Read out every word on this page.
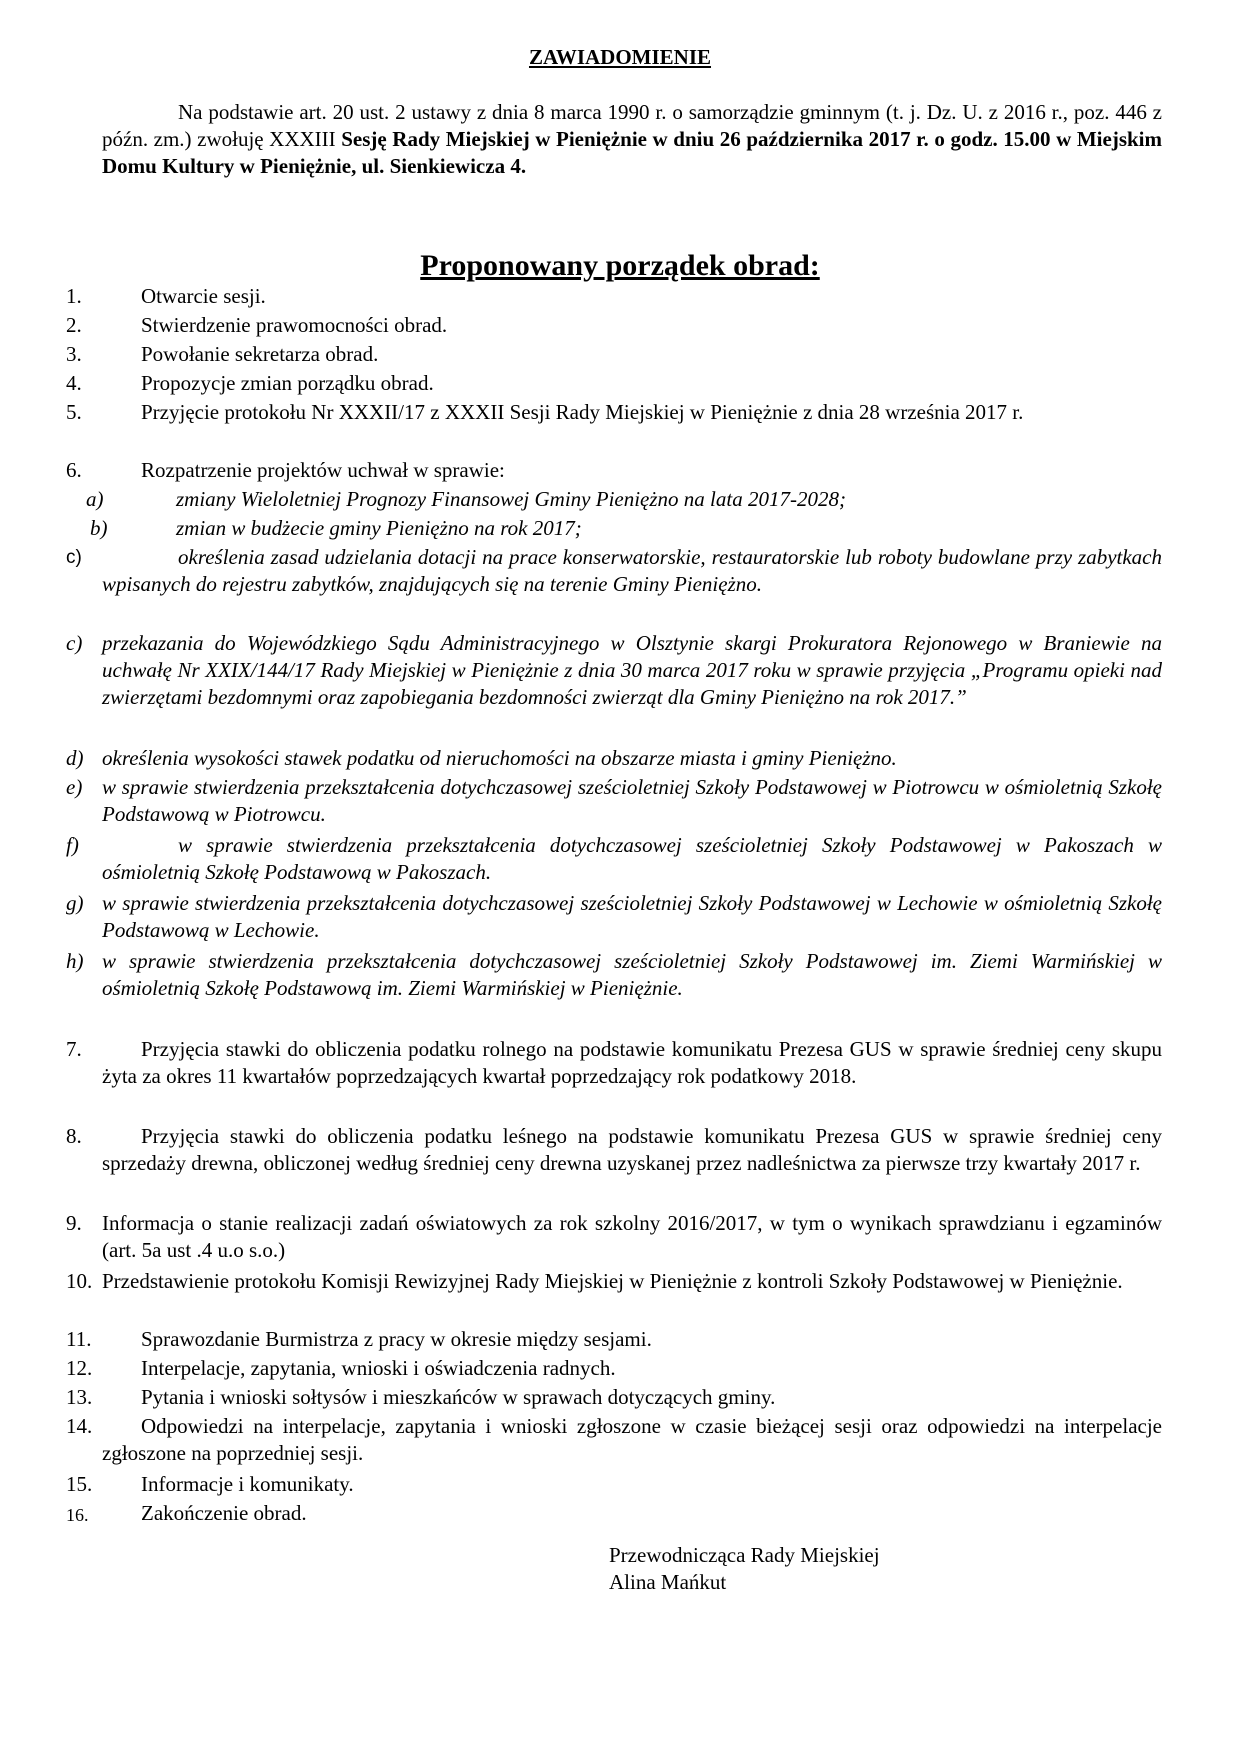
ZAWIADOMIENIE
Na podstawie art. 20 ust. 2 ustawy z dnia 8 marca 1990 r. o samorządzie gminnym (t. j. Dz. U. z 2016 r., poz. 446 z późn. zm.) zwołuję XXXIII Sesję Rady Miejskiej w Pieniężnie w dniu 26 października 2017 r. o godz. 15.00 w Miejskim Domu Kultury w Pieniężnie, ul. Sienkiewicza 4.
Proponowany porządek obrad:
1.	Otwarcie sesji.
2.	Stwierdzenie prawomocności obrad.
3.	Powołanie sekretarza obrad.
4.	Propozycje zmian porządku obrad.
5.	Przyjęcie protokołu Nr XXXII/17 z XXXII Sesji Rady Miejskiej w Pieniężnie z dnia 28 września 2017 r.
6.	Rozpatrzenie projektów uchwał w sprawie:
a)	zmiany Wieloletniej Prognozy Finansowej Gminy Pieniężno na lata 2017-2028;
b)	zmian w budżecie gminy Pieniężno na rok 2017;
c)	określenia zasad udzielania dotacji na prace konserwatorskie, restauratorskie lub roboty budowlane przy zabytkach wpisanych do rejestru zabytków, znajdujących się na terenie Gminy Pieniężno.
c) przekazania do Wojewódzkiego Sądu Administracyjnego w Olsztynie skargi Prokuratora Rejonowego w Braniewie na uchwałę Nr XXIX/144/17 Rady Miejskiej w Pieniężnie z dnia 30 marca 2017 roku w sprawie przyjęcia „Programu opieki nad zwierzętami bezdomnymi oraz zapobiegania bezdomności zwierząt dla Gminy Pieniężno na rok 2017.”
d) określenia wysokości stawek podatku od nieruchomości na obszarze miasta i gminy Pieniężno.
e) w sprawie stwierdzenia przekształcenia dotychczasowej sześcioletniej Szkoły Podstawowej w Piotrowcu w ośmioletnią Szkołę Podstawową w Piotrowcu.
f)	w sprawie stwierdzenia przekształcenia dotychczasowej sześcioletniej Szkoły Podstawowej w Pakoszach w ośmioletnią Szkołę Podstawową w Pakoszach.
g) w sprawie stwierdzenia przekształcenia dotychczasowej sześcioletniej Szkoły Podstawowej w Lechowie w ośmioletnią Szkołę Podstawową w Lechowie.
h) w sprawie stwierdzenia przekształcenia dotychczasowej sześcioletniej Szkoły Podstawowej im. Ziemi Warmińskiej w ośmioletnią Szkołę Podstawową im. Ziemi Warmińskiej w Pieniężnie.
7.	Przyjęcia stawki do obliczenia podatku rolnego na podstawie komunikatu Prezesa GUS w sprawie średniej ceny skupu żyta za okres 11 kwartałów poprzedzających kwartał poprzedzający rok podatkowy 2018.
8.	Przyjęcia stawki do obliczenia podatku leśnego na podstawie komunikatu Prezesa GUS w sprawie średniej ceny sprzedaży drewna, obliczonej według średniej ceny drewna uzyskanej przez nadleśnictwa za pierwsze trzy kwartały 2017 r.
9. Informacja o stanie realizacji zadań oświatowych za rok szkolny 2016/2017, w tym o wynikach sprawdzianu i egzaminów (art. 5a ust .4 u.o s.o.)
10. Przedstawienie protokołu Komisji Rewizyjnej Rady Miejskiej w Pieniężnie z kontroli Szkoły Podstawowej w Pieniężnie.
11. Sprawozdanie Burmistrza z pracy w okresie między sesjami.
12. Interpelacje, zapytania, wnioski i oświadczenia radnych.
13. Pytania i wnioski sołtysów i mieszkańców w sprawach dotyczących gminy.
14.	Odpowiedzi na interpelacje, zapytania i wnioski zgłoszone w czasie bieżącej sesji oraz odpowiedzi na interpelacje zgłoszone na poprzedniej sesji.
15. Informacje i komunikaty.
16.	Zakończenie obrad.
Przewodnicząca Rady Miejskiej
Alina Mańkut
